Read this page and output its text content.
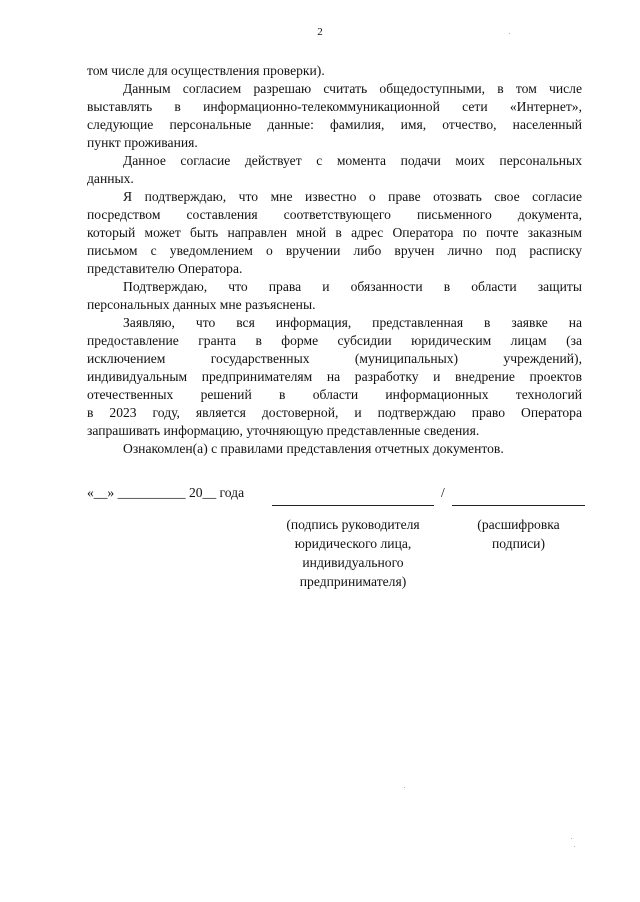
2
том числе для осуществления проверки).
Данным согласием разрешаю считать общедоступными, в том числе
выставлять в информационно-телекоммуникационной сети «Интернет»,
следующие персональные данные: фамилия, имя, отчество, населенный
пункт проживания.
Данное согласие действует с момента подачи моих персональных
данных.
Я подтверждаю, что мне известно о праве отозвать свое согласие
посредством составления соответствующего письменного документа,
который может быть направлен мной в адрес Оператора по почте заказным
письмом с уведомлением о вручении либо вручен лично под расписку
представителю Оператора.
Подтверждаю, что права и обязанности в области защиты
персональных данных мне разъяснены.
Заявляю, что вся информация, представленная в заявке на
предоставление гранта в форме субсидии юридическим лицам (за
исключением государственных (муниципальных) учреждений),
индивидуальным предпринимателям на разработку и внедрение проектов
отечественных решений в области информационных технологий
в 2023 году, является достоверной, и подтверждаю право Оператора
запрашивать информацию, уточняющую представленные сведения.
Ознакомлен(а) с правилами представления отчетных документов.
«__» __________ 20__ года	/
(подпись руководителя
юридического лица,
индивидуального
предпринимателя)
(расшифровка
подписи)
